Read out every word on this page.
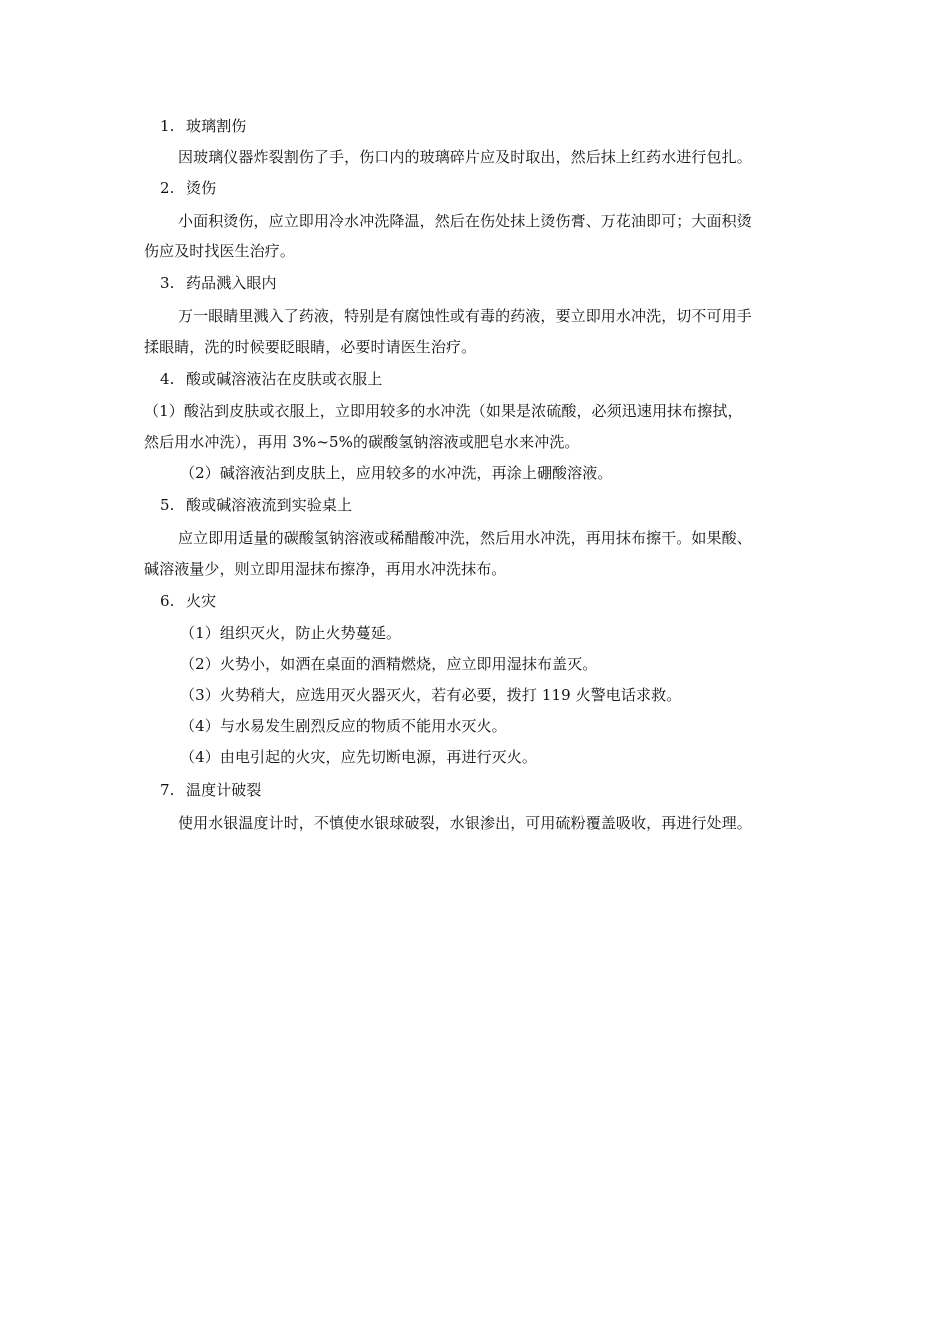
1. 玻璃割伤
因玻璃仪器炸裂割伤了手，伤口内的玻璃碎片应及时取出，然后抹上红药水进行包扎。
2. 烫伤
小面积烫伤，应立即用冷水冲洗降温，然后在伤处抹上烫伤膏、万花油即可；大面积烫
伤应及时找医生治疗。
3. 药品溅入眼内
万一眼睛里溅入了药液，特别是有腐蚀性或有毒的药液，要立即用水冲洗，切不可用手
揉眼睛，洗的时候要眨眼睛，必要时请医生治疗。
4. 酸或碱溶液沾在皮肤或衣服上
（1）酸沾到皮肤或衣服上，立即用较多的水冲洗（如果是浓硫酸，必须迅速用抹布擦拭，
然后用水冲洗），再用 3%~5%的碳酸氢钠溶液或肥皂水来冲洗。
（2）碱溶液沾到皮肤上，应用较多的水冲洗，再涂上硼酸溶液。
5. 酸或碱溶液流到实验桌上
应立即用适量的碳酸氢钠溶液或稀醋酸冲洗，然后用水冲洗，再用抹布擦干。如果酸、
碱溶液量少，则立即用湿抹布擦净，再用水冲洗抹布。
6. 火灾
（1）组织灭火，防止火势蔓延。
（2）火势小，如洒在桌面的酒精燃烧，应立即用湿抹布盖灭。
（3）火势稍大，应选用灭火器灭火，若有必要，拨打 119 火警电话求救。
（4）与水易发生剧烈反应的物质不能用水灭火。
（4）由电引起的火灾，应先切断电源，再进行灭火。
7. 温度计破裂
使用水银温度计时，不慎使水银球破裂，水银渗出，可用硫粉覆盖吸收，再进行处理。
